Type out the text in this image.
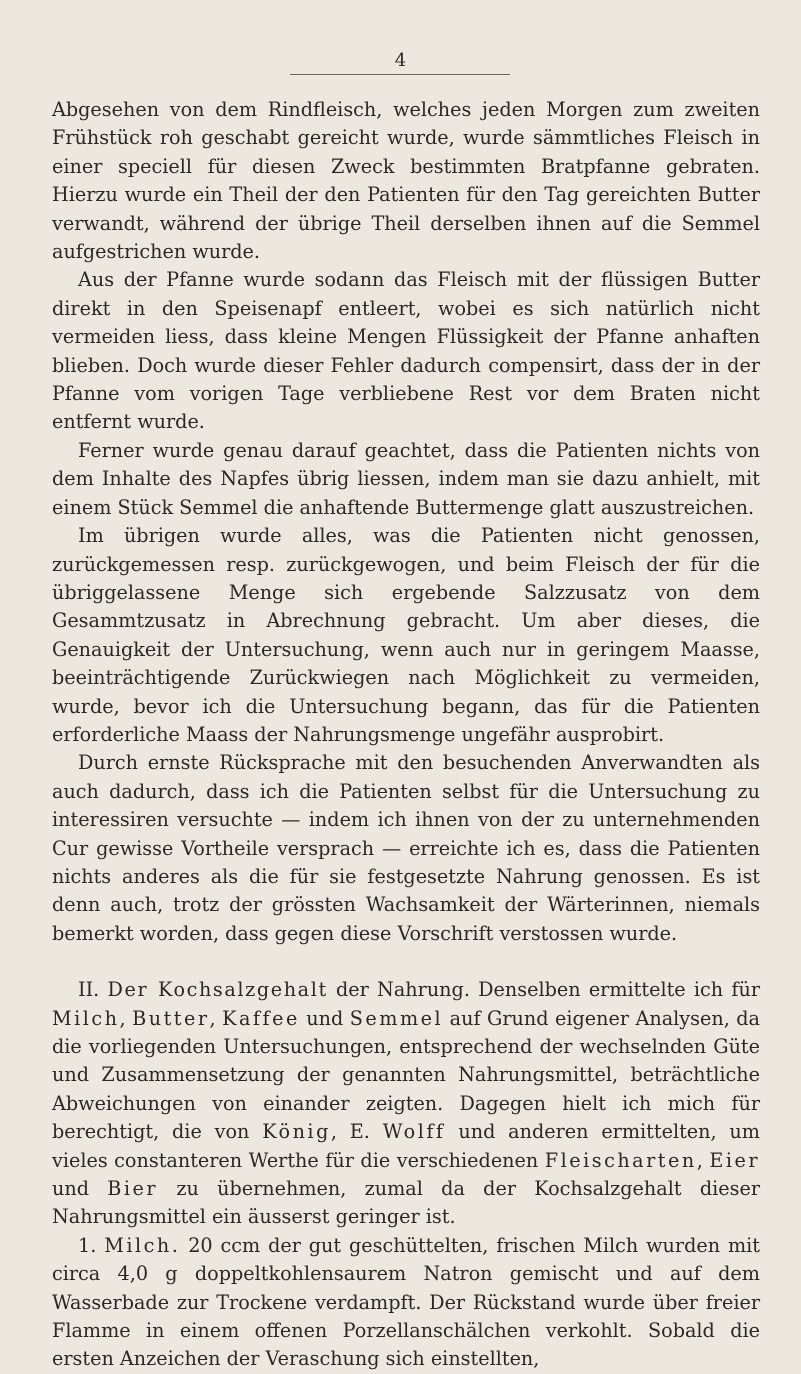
4

Abgesehen von dem Rindfleisch, welches jeden Morgen zum zweiten Frühstück roh geschabt gereicht wurde, wurde sämmtliches Fleisch in einer speciell für diesen Zweck bestimmten Bratpfanne gebraten. Hierzu wurde ein Theil der den Patienten für den Tag gereichten Butter verwandt, während der übrige Theil derselben ihnen auf die Semmel aufgestrichen wurde.

Aus der Pfanne wurde sodann das Fleisch mit der flüssigen Butter direkt in den Speisenapf entleert, wobei es sich natürlich nicht vermeiden liess, dass kleine Mengen Flüssigkeit der Pfanne anhaften blieben. Doch wurde dieser Fehler dadurch compensirt, dass der in der Pfanne vom vorigen Tage verbliebene Rest vor dem Braten nicht entfernt wurde.

Ferner wurde genau darauf geachtet, dass die Patienten nichts von dem Inhalte des Napfes übrig liessen, indem man sie dazu anhielt, mit einem Stück Semmel die anhaftende Buttermenge glatt auszustreichen.

Im übrigen wurde alles, was die Patienten nicht genossen, zurückgemessen resp. zurückgewogen, und beim Fleisch der für die übriggelassene Menge sich ergebende Salzzusatz von dem Gesammtzusatz in Abrechnung gebracht. Um aber dieses, die Genauigkeit der Untersuchung, wenn auch nur in geringem Maasse, beeinträchtigende Zurückwiegen nach Möglichkeit zu vermeiden, wurde, bevor ich die Untersuchung begann, das für die Patienten erforderliche Maass der Nahrungsmenge ungefähr ausprobirt.

Durch ernste Rücksprache mit den besuchenden Anverwandten als auch dadurch, dass ich die Patienten selbst für die Untersuchung zu interessiren versuchte — indem ich ihnen von der zu unternehmenden Cur gewisse Vortheile versprach — erreichte ich es, dass die Patienten nichts anderes als die für sie festgesetzte Nahrung genossen. Es ist denn auch, trotz der grössten Wachsamkeit der Wärterinnen, niemals bemerkt worden, dass gegen diese Vorschrift verstossen wurde.

II. Der Kochsalzgehalt der Nahrung. Denselben ermittelte ich für Milch, Butter, Kaffee und Semmel auf Grund eigener Analysen, da die vorliegenden Untersuchungen, entsprechend der wechselnden Güte und Zusammensetzung der genannten Nahrungsmittel, beträchtliche Abweichungen von einander zeigten. Dagegen hielt ich mich für berechtigt, die von König, E. Wolff und anderen ermittelten, um vieles constanteren Werthe für die verschiedenen Fleischarten, Eier und Bier zu übernehmen, zumal da der Kochsalzgehalt dieser Nahrungsmittel ein äusserst geringer ist.

1. Milch. 20 ccm der gut geschüttelten, frischen Milch wurden mit circa 4,0 g doppeltkohlensaurem Natron gemischt und auf dem Wasserbade zur Trockene verdampft. Der Rückstand wurde über freier Flamme in einem offenen Porzellanschälchen verkohlt. Sobald die ersten Anzeichen der Veraschung sich einstellten,
